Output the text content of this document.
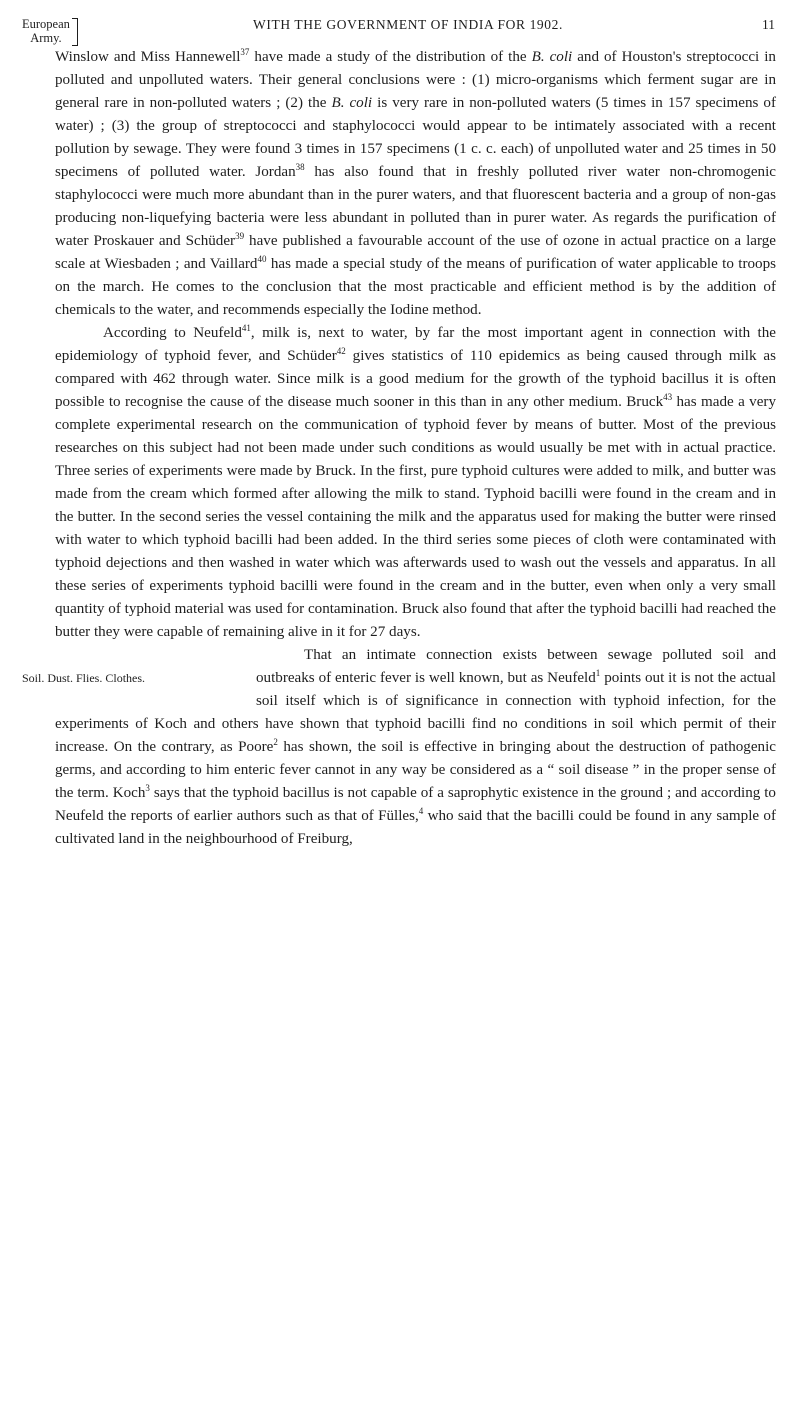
European
Army.
WITH THE GOVERNMENT OF INDIA FOR 1902.	11

Winslow and Miss Hannewell$^{37}$ have made a study of the distribution of the B. coli and of Houston's streptococci in polluted and unpolluted waters. Their general conclusions were : (1) micro-organisms which ferment sugar are in general rare in non-polluted waters ; (2) the B. coli is very rare in non-polluted waters (5 times in 157 specimens of water) ; (3) the group of streptococci and staphylococci would appear to be intimately associated with a recent pollution by sewage. They were found 3 times in 157 specimens (1 c. c. each) of unpolluted water and 25 times in 50 specimens of polluted water. Jordan$^{38}$ has also found that in freshly polluted river water non-chromogenic staphylococci were much more abundant than in the purer waters, and that fluorescent bacteria and a group of non-gas producing non-liquefying bacteria were less abundant in polluted than in purer water. As regards the purification of water Proskauer and Schüder$^{39}$ have published a favourable account of the use of ozone in actual practice on a large scale at Wiesbaden ; and Vaillard$^{40}$ has made a special study of the means of purification of water applicable to troops on the march. He comes to the conclusion that the most practicable and efficient method is by the addition of chemicals to the water, and recommends especially the Iodine method.

According to Neufeld$^{41}$, milk is, next to water, by far the most important agent in connection with the epidemiology of typhoid fever, and Schüder$^{42}$ gives statistics of 110 epidemics as being caused through milk as compared with 462 through water. Since milk is a good medium for the growth of the typhoid bacillus it is often possible to recognise the cause of the disease much sooner in this than in any other medium. Bruck$^{43}$ has made a very complete experimental research on the communication of typhoid fever by means of butter. Most of the previous researches on this subject had not been made under such conditions as would usually be met with in actual practice. Three series of experiments were made by Bruck. In the first, pure typhoid cultures were added to milk, and butter was made from the cream which formed after allowing the milk to stand. Typhoid bacilli were found in the cream and in the butter. In the second series the vessel containing the milk and the apparatus used for making the butter were rinsed with water to which typhoid bacilli had been added. In the third series some pieces of cloth were contaminated with typhoid dejections and then washed in water which was afterwards used to wash out the vessels and apparatus. In all these series of experiments typhoid bacilli were found in the cream and in the butter, even when only a very small quantity of typhoid material was used for contamination. Bruck also found that after the typhoid bacilli had reached the butter they were capable of remaining alive in it for 27 days.

Soil. Dust. Flies. Clothes.
That an intimate connection exists between sewage polluted soil and outbreaks of enteric fever is well known, but as Neufeld$^1$ points out it is not the actual soil itself which is of significance in connection with typhoid infection, for the experiments of Koch and others have shown that typhoid bacilli find no conditions in soil which permit of their increase. On the contrary, as Poore$^2$ has shown, the soil is effective in bringing about the destruction of pathogenic germs, and according to him enteric fever cannot in any way be considered as a “ soil disease ” in the proper sense of the term. Koch$^3$ says that the typhoid bacillus is not capable of a saprophytic existence in the ground ; and according to Neufeld the reports of earlier authors such as that of Fülles,$^4$ who said that the bacilli could be found in any sample of cultivated land in the neighbourhood of Freiburg,
